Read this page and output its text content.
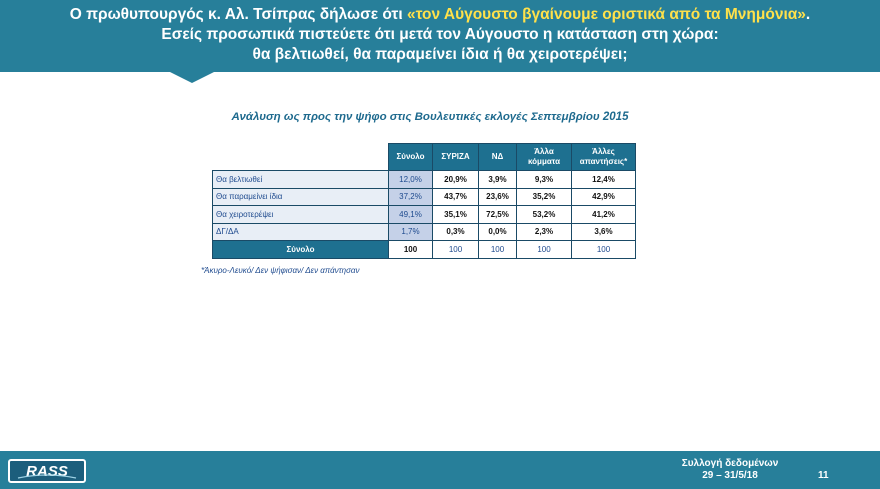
Ο πρωθυπουργός κ. Αλ. Τσίπρας δήλωσε ότι «τον Αύγουστο βγαίνουμε οριστικά από τα Μνημόνια».
Εσείς προσωπικά πιστεύετε ότι μετά τον Αύγουστο η κατάσταση στη χώρα:
θα βελτιωθεί, θα παραμείνει ίδια ή θα χειροτερέψει;
Ανάλυση ως προς την ψήφο στις Βουλευτικές εκλογές Σεπτεμβρίου 2015
	Σύνολο	ΣΥΡΙΖΑ	ΝΔ	Άλλα κόμματα	Άλλες απαντήσεις*
Θα βελτιωθεί	12,0%	20,9%	3,9%	9,3%	12,4%
Θα παραμείνει ίδια	37,2%	43,7%	23,6%	35,2%	42,9%
Θα χειροτερέψει	49,1%	35,1%	72,5%	53,2%	41,2%
ΔΓ/ΔΑ	1,7%	0,3%	0,0%	2,3%	3,6%
Σύνολο	100	100	100	100	100
*Άκυρο-Λευκό/ Δεν ψήφισαν/ Δεν απάντησαν
RASS	Συλλογή δεδομένων
29 – 31/5/18	11
